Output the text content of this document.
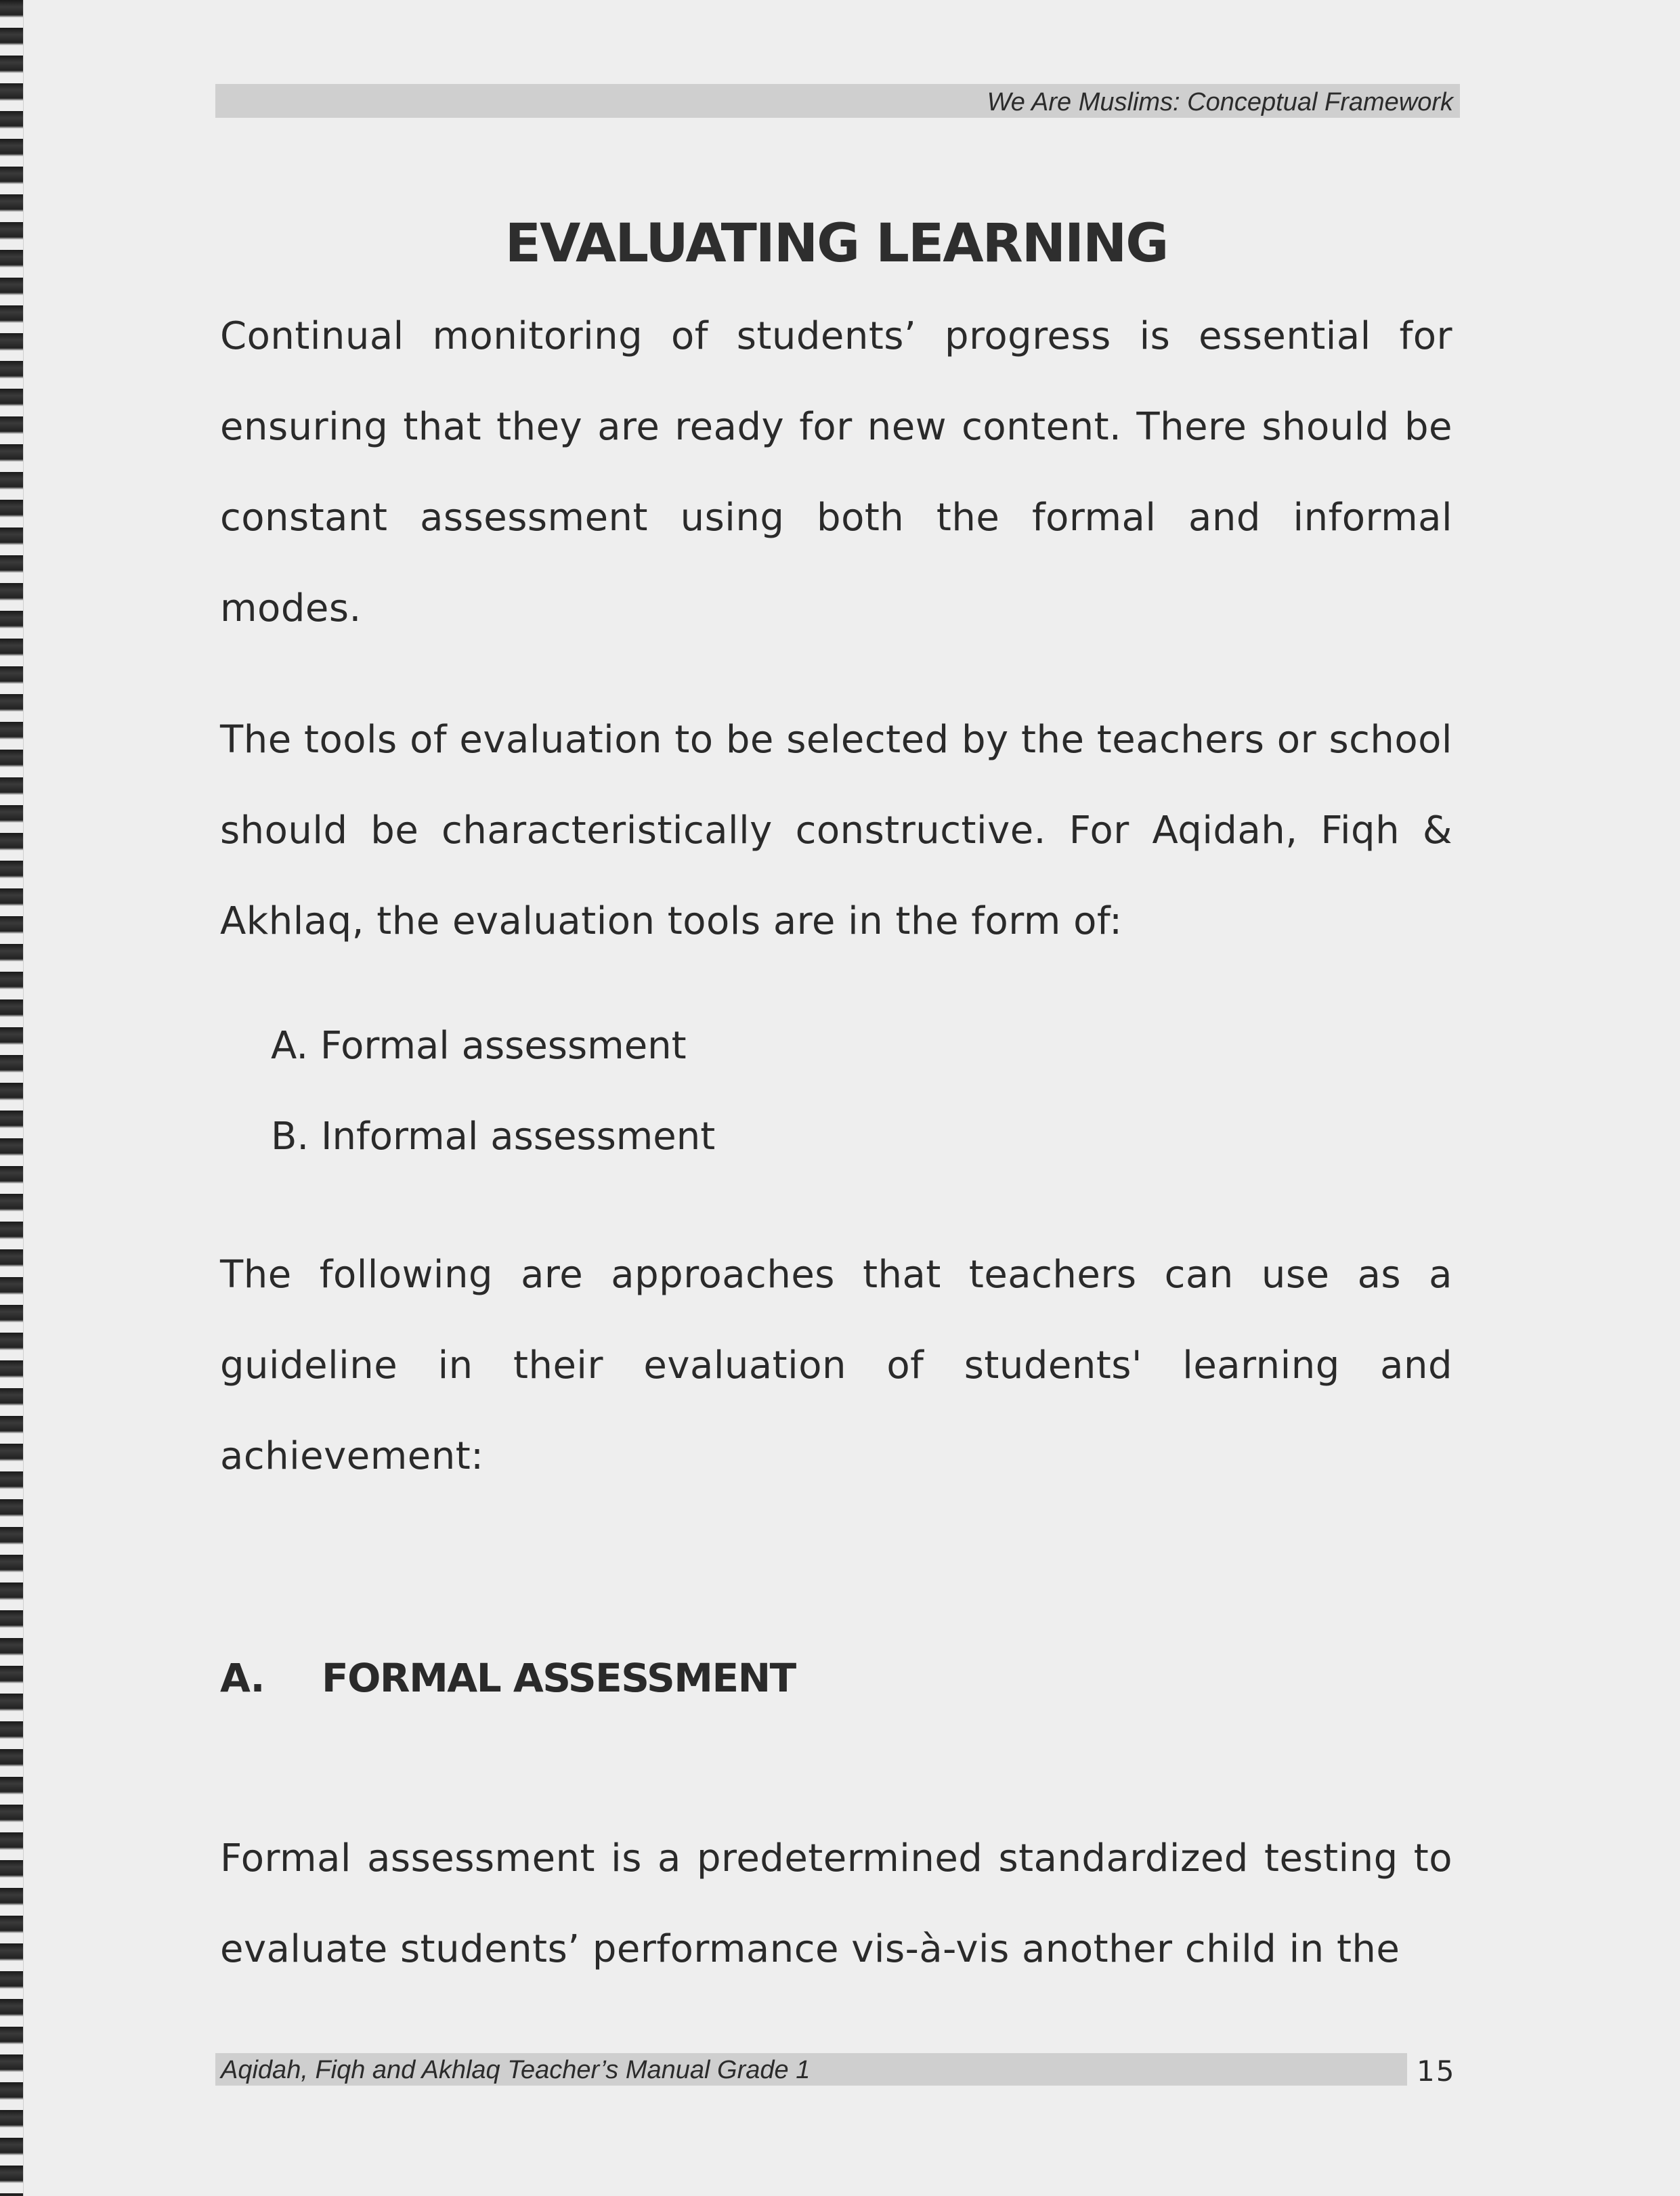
We Are Muslims: Conceptual Framework
EVALUATING LEARNING

Continual monitoring of students’ progress is essential for ensuring that they are ready for new content. There should be constant assessment using both the formal and informal modes.

The tools of evaluation to be selected by the teachers or school should be characteristically constructive. For Aqidah, Fiqh & Akhlaq, the evaluation tools are in the form of:

A. Formal assessment
B. Informal assessment

The following are approaches that teachers can use as a guideline in their evaluation of students' learning and achievement:

A.	FORMAL ASSESSMENT

Formal assessment is a predetermined standardized testing to evaluate students’ performance vis-à-vis another child in the

Aqidah, Fiqh and Akhlaq Teacher’s Manual Grade 1	15
